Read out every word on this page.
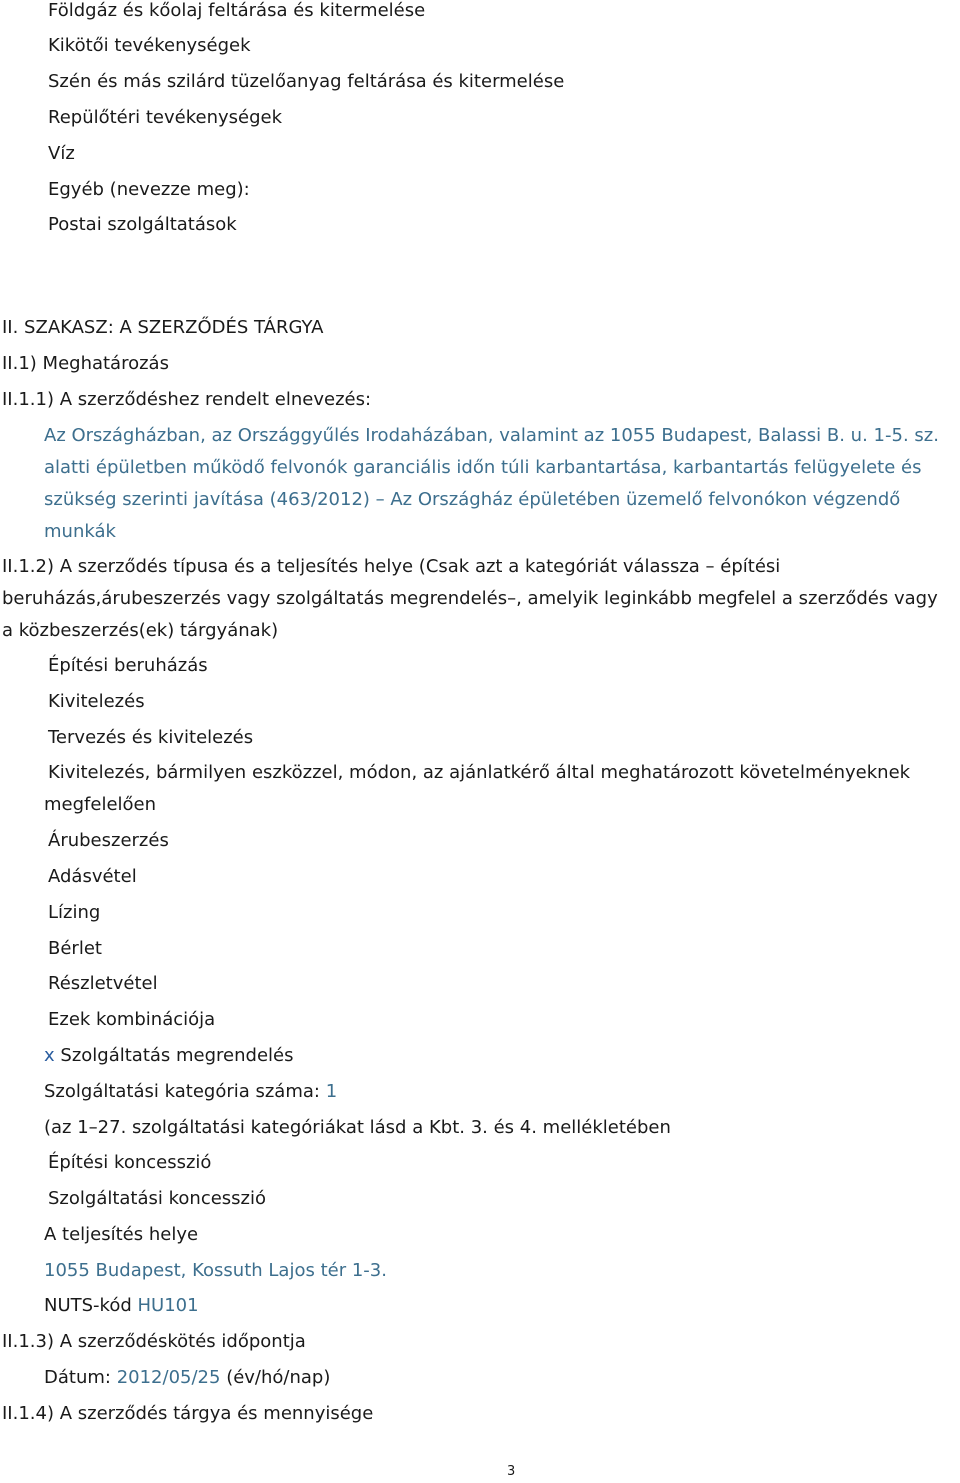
Földgáz és kőolaj feltárása és kitermelése
Kikötői tevékenységek
Szén és más szilárd tüzelőanyag feltárása és kitermelése
Repülőtéri tevékenységek
Víz
Egyéb (nevezze meg):
Postai szolgáltatások
II. SZAKASZ: A SZERZŐDÉS TÁRGYA
II.1) Meghatározás
II.1.1) A szerződéshez rendelt elnevezés:
Az Országházban, az Országgyűlés Irodaházában, valamint az 1055 Budapest, Balassi B. u. 1-5. sz.
alatti épületben működő felvonók garanciális időn túli karbantartása, karbantartás felügyelete és
szükség szerinti javítása (463/2012) – Az Országház épületében üzemelő felvonókon végzendő
munkák
II.1.2) A szerződés típusa és a teljesítés helye (Csak azt a kategóriát válassza – építési
beruházás,árubeszerzés vagy szolgáltatás megrendelés–, amelyik leginkább megfelel a szerződés vagy
a közbeszerzés(ek) tárgyának)
Építési beruházás
Kivitelezés
Tervezés és kivitelezés
Kivitelezés, bármilyen eszközzel, módon, az ajánlatkérő által meghatározott követelményeknek
megfelelően
Árubeszerzés
Adásvétel
Lízing
Bérlet
Részletvétel
Ezek kombinációja
x Szolgáltatás megrendelés
Szolgáltatási kategória száma: 1
(az 1–27. szolgáltatási kategóriákat lásd a Kbt. 3. és 4. mellékletében
Építési koncesszió
Szolgáltatási koncesszió
A teljesítés helye
1055 Budapest, Kossuth Lajos tér 1-3.
NUTS-kód HU101
II.1.3) A szerződéskötés időpontja
Dátum: 2012/05/25 (év/hó/nap)
II.1.4) A szerződés tárgya és mennyisége
3
